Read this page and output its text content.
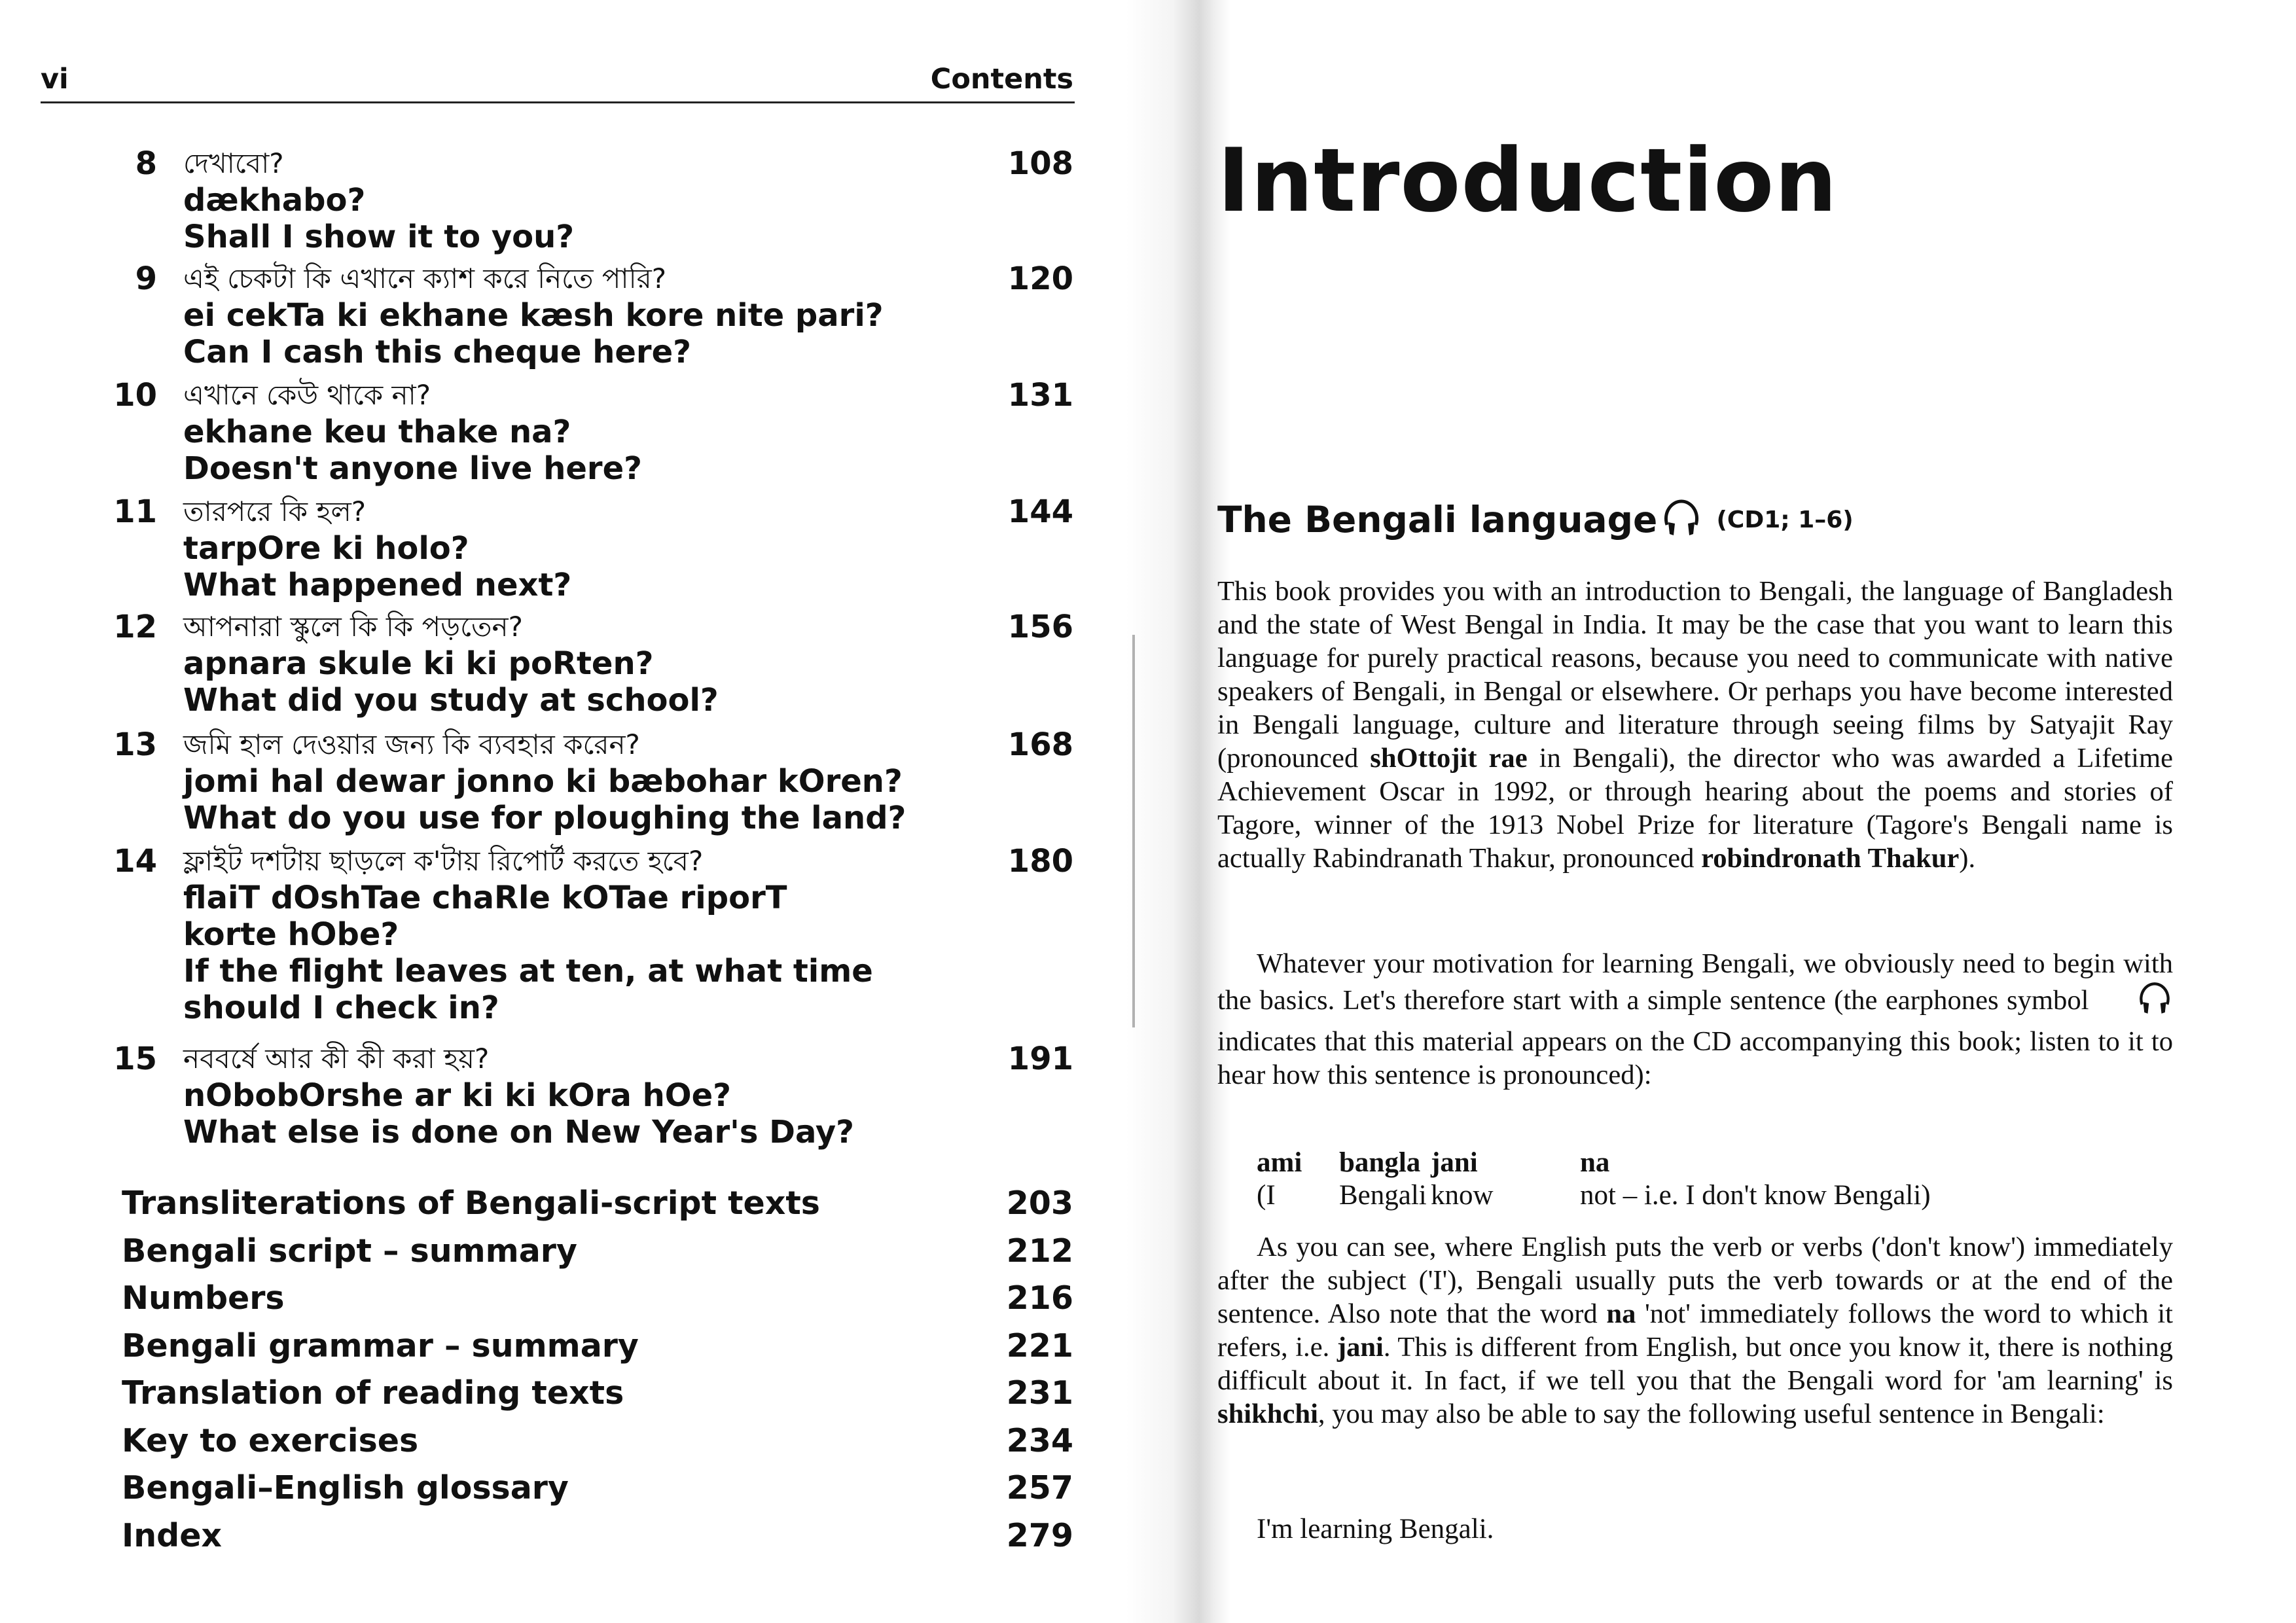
vi	Contents
8 দেখাবো?
dækhabo?
Shall I show it to you?
108
9 এই চেকটা কি এখানে ক্যাশ করে নিতে পারি?
ei cekTa ki ekhane kæsh kore nite pari?
Can I cash this cheque here?
120
10 এখানে কেউ থাকে না?
ekhane keu thake na?
Doesn't anyone live here?
131
11 তারপরে কি হল?
tarpOre ki holo?
What happened next?
144
12 আপনারা স্কুলে কি কি পড়তেন?
apnara skule ki ki poRten?
What did you study at school?
156
13 জমি হাল দেওয়ার জন্য কি ব্যবহার করেন?
jomi hal dewar jonno ki bæbohar kOren?
What do you use for ploughing the land?
168
14 ফ্লাইট দশটায় ছাড়লে ক'টায় রিপোর্ট করতে হবে?
flaiT dOshTae chaRle kOTae riporT
korte hObe?
If the flight leaves at ten, at what time
should I check in?
180
15 নববর্ষে আর কী কী করা হয়?
nObobOrshe ar ki ki kOra hOe?
What else is done on New Year's Day?
191
Transliterations of Bengali-script texts	203
Bengali script – summary	212
Numbers	216
Bengali grammar – summary	221
Translation of reading texts	231
Key to exercises	234
Bengali–English glossary	257
Index	279
Introduction
The Bengali language	(CD1; 1–6)
This book provides you with an introduction to Bengali, the language of Bangladesh and the state of West Bengal in India. It may be the case that you want to learn this language for purely practical reasons, because you need to communicate with native speakers of Bengali, in Bengal or elsewhere. Or perhaps you have become interested in Bengali language, culture and literature through seeing films by Satyajit Ray (pronounced shOttojit rae in Bengali), the director who was awarded a Lifetime Achievement Oscar in 1992, or through hearing about the poems and stories of Tagore, winner of the 1913 Nobel Prize for literature (Tagore's Bengali name is actually Rabindranath Thakur, pronounced robindronath Thakur).
Whatever your motivation for learning Bengali, we obviously need to begin with the basics. Let's therefore start with a simple sentence (the earphones symbol  indicates that this material appears on the CD accompanying this book; listen to it to hear how this sentence is pronounced):
ami bangla jani	na
(I Bengali know	not – i.e. I don't know Bengali)
As you can see, where English puts the verb or verbs ('don't know') immediately after the subject ('I'), Bengali usually puts the verb towards or at the end of the sentence. Also note that the word na 'not' immediately follows the word to which it refers, i.e. jani. This is different from English, but once you know it, there is nothing difficult about it. In fact, if we tell you that the Bengali word for 'am learning' is shikhchi, you may also be able to say the following useful sentence in Bengali:
I'm learning Bengali.
